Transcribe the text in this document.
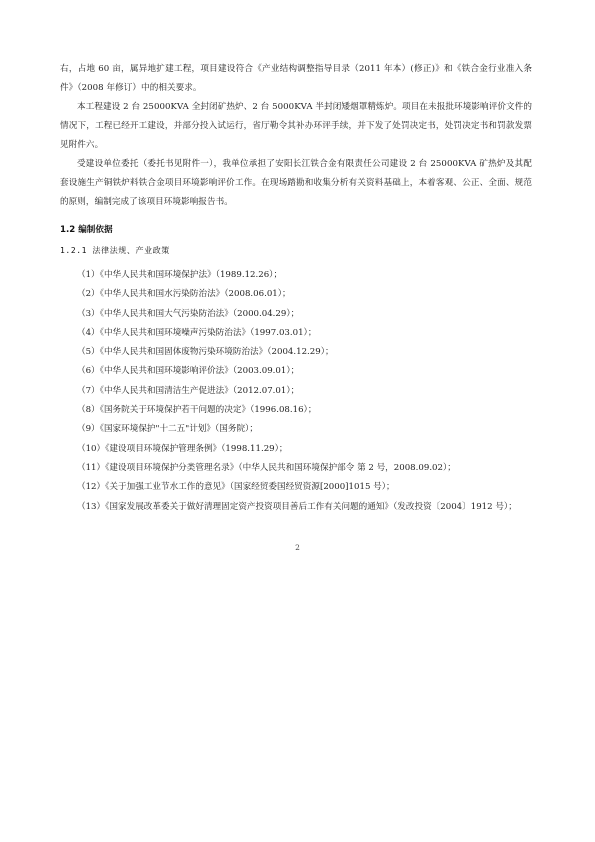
右，占地 60 亩，属异地扩建工程，项目建设符合《产业结构调整指导目录（2011 年本）(修正)》和《铁合金行业准入条件》（2008 年修订）中的相关要求。

本工程建设 2 台 25000KVA 全封闭矿热炉、2 台 5000KVA 半封闭矮烟罩精炼炉。项目在未报批环境影响评价文件的情况下，工程已经开工建设，并部分投入试运行，省厅勒令其补办环评手续，并下发了处罚决定书，处罚决定书和罚款发票见附件六。

受建设单位委托（委托书见附件一），我单位承担了安阳长江铁合金有限责任公司建设 2 台 25000KVA 矿热炉及其配套设施生产铜铁炉料铁合金项目环境影响评价工作。在现场踏勘和收集分析有关资料基础上，本着客观、公正、全面、规范的原则，编制完成了该项目环境影响报告书。

1.2 编制依据
1.2.1 法律法规、产业政策
（1）《中华人民共和国环境保护法》（1989.12.26）；
（2）《中华人民共和国水污染防治法》（2008.06.01）；
（3）《中华人民共和国大气污染防治法》（2000.04.29）；
（4）《中华人民共和国环境噪声污染防治法》（1997.03.01）；
（5）《中华人民共和国固体废物污染环境防治法》（2004.12.29）；
（6）《中华人民共和国环境影响评价法》（2003.09.01）；
（7）《中华人民共和国清洁生产促进法》（2012.07.01）；
（8）《国务院关于环境保护若干问题的决定》（1996.08.16）；
（9）《国家环境保护"十二五"计划》（国务院）；
（10）《建设项目环境保护管理条例》（1998.11.29）；
（11）《建设项目环境保护分类管理名录》（中华人民共和国环境保护部令 第 2 号，2008.09.02）；
（12）《关于加强工业节水工作的意见》（国家经贸委国经贸资源[2000]1015 号）；
（13）《国家发展改革委关于做好清理固定资产投资项目善后工作有关问题的通知》（发改投资〔2004〕1912 号）；
2
